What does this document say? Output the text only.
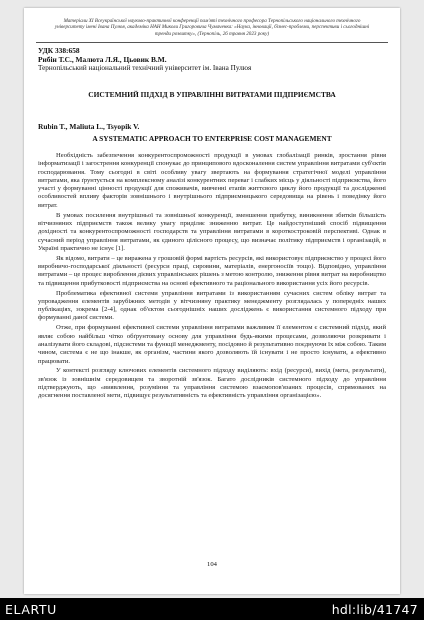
Матеріали ХІ Всеукраїнської науково-практичної конференції пам'яті технічного професора Тернопільського національного технічного університету імені Івана Пулюя, академіка НАН Миколи Григоровича Чумаченка: «Наука, інновації, бізнес-проблеми, перспективи і сьогоднішні тренди розвитку», (Тернопіль, 26 травня 2023 року)
УДК 338:658
Рибін Т.С., Малюта Л.Я., Цьовик В.М.
Тернопільський національний технічний університет ім. Івана Пулюя
СИСТЕМНИЙ ПІДХІД В УПРАВЛІННІ ВИТРАТАМИ ПІДПРИЄМСТВА
Rubin T., Maliuta L., Tsyopik V.
A SYSTEMATIC APPROACH TO ENTERPRISE COST MANAGEMENT

Необхідність забезпечення конкурентоспроможності продукції в умовах глобалізації ринків, зростання рівня інформатизації і загострення конкуренції спонукає до принципового вдосконалення систем управління витратами суб'єктів господарювання. Тому сьогодні в світі особливу увагу звертають на формування стратегічної моделі управління витратами, яка ґрунтується на комплексному аналізі конкурентних переваг і слабких місць у діяльності підприємства, його участі у формуванні цінності продукції для споживачів, вивченні етапів життєвого циклу його продукції та дослідженні особливостей впливу факторів зовнішнього і внутрішнього підприємницького середовища на рівень і поведінку його витрат.

В умовах посилення внутрішньої та зовнішньої конкуренції, зменшення прибутку, виникнення збитків більшість вітчизняних підприємств також велику увагу приділяє зниженню витрат. Це найдоступніший спосіб підвищення дохідності та конкурентоспроможності господарств та управління витратами в короткостроковій перспективі. Однак в сучасний період управління витратами, як єдиного цілісного процесу, що визначає політику підприємств і організацій, в Україні практично не існує [1].

Як відомо, витрати – це виражена у грошовій формі вартість ресурсів, які використовує підприємство у процесі його виробничо-господарської діяльності (ресурси праці, сировини, матеріалів, енергоносіїв тощо). Відповідно, управління витратами – це процес вироблення дієвих управлінських рішень з метою контролю, зниження рівня витрат на виробництво та підвищення прибутковості підприємства на основі ефективного та раціонального використання усіх його ресурсів.

Проблематика ефективної системи управління витратами із використанням сучасних систем обліку витрат та упровадження елементів зарубіжних методів у вітчизняну практику менеджменту розглядалась у попередніх наших публікаціях, зокрема [2-4], однак об'єктом сьогоднішніх наших досліджень є використання системного підходу при формуванні даної системи.

Отже, при формуванні ефективної системи управління витратами важливим її елементом є системний підхід, який являє собою найбільш чітко обґрунтовану основу для управління будь-якими процесами, дозволяючи розкривати і аналізувати його складові, підсистеми та функції менеджменту, посідовно й результативно поєднуючи їх між собою. Таким чином, система є не що інакше, як організм, частини якого дозволяють їй існувати і не просто існувати, а ефективно працювати.

У контексті розгляду ключових елементів системного підходу виділяють: вхід (ресурси), вихід (мета, результати), зв'язок із зовнішнім середовищем та зворотній зв'язок. Багато дослідників системного підходу до управління підтверджують, що «виявлення, розуміння та управління системою взаємопов'язаних процесів, спрямованих на досягнення поставленої мети, підвищує результативність та ефективність управління організацією».

104
ELARTU	hdl:lib/41747
